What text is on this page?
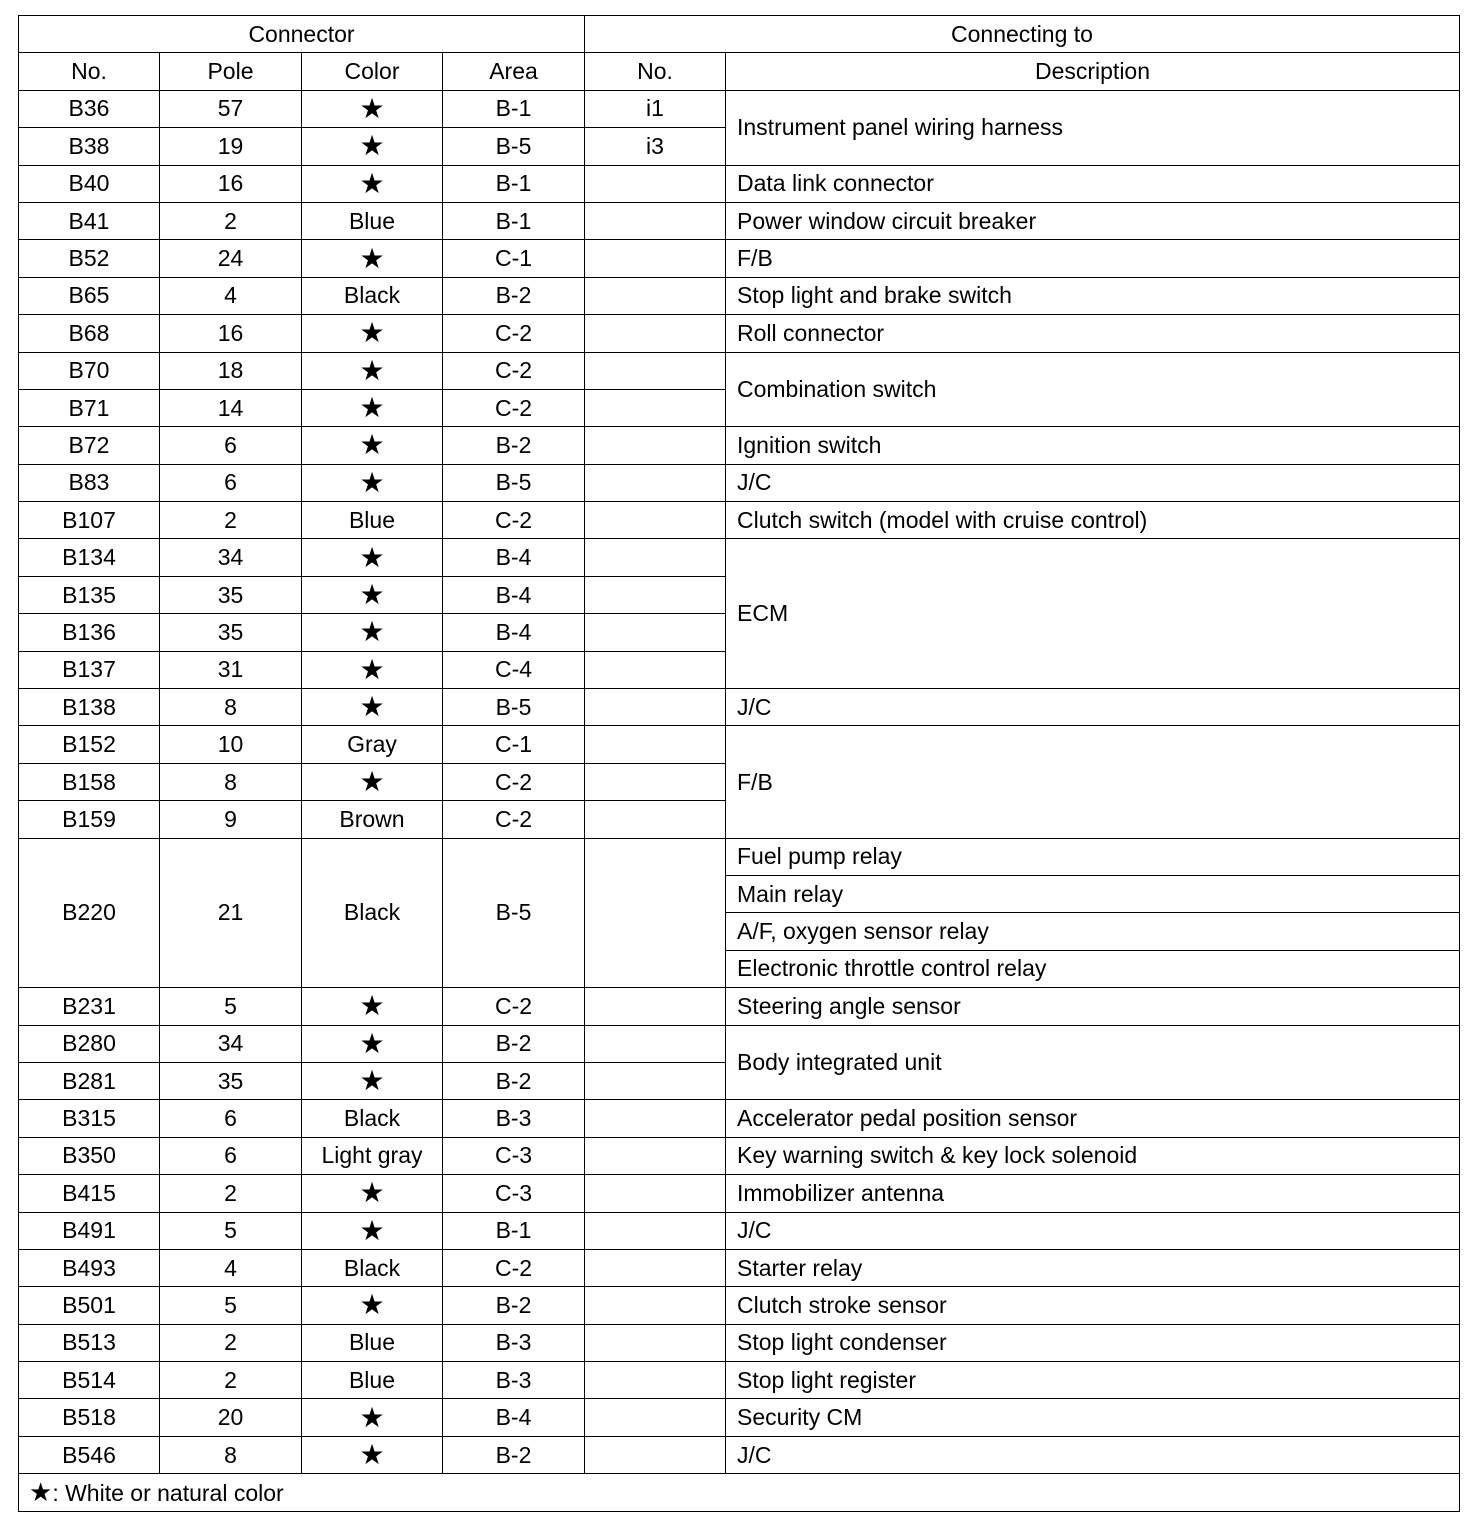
Connector				Connecting to	
No.	Pole	Color	Area	No.	Description
B36	57	★	B-1	i1	Instrument panel wiring harness
B38	19	★	B-5	i3	
B40	16	★	B-1		Data link connector
B41	2	Blue	B-1		Power window circuit breaker
B52	24	★	C-1		F/B
B65	4	Black	B-2		Stop light and brake switch
B68	16	★	C-2		Roll connector
B70	18	★	C-2		Combination switch
B71	14	★	C-2		
B72	6	★	B-2		Ignition switch
B83	6	★	B-5		J/C
B107	2	Blue	C-2		Clutch switch (model with cruise control)
B134	34	★	B-4		ECM
B135	35	★	B-4		
B136	35	★	B-4		
B137	31	★	C-4		
B138	8	★	B-5		J/C
B152	10	Gray	C-1		F/B
B158	8	★	C-2		
B159	9	Brown	C-2		
B220	21	Black	B-5		Fuel pump relay
					Main relay
					A/F, oxygen sensor relay
					Electronic throttle control relay
B231	5	★	C-2		Steering angle sensor
B280	34	★	B-2		Body integrated unit
B281	35	★	B-2		
B315	6	Black	B-3		Accelerator pedal position sensor
B350	6	Light gray	C-3		Key warning switch & key lock solenoid
B415	2	★	C-3		Immobilizer antenna
B491	5	★	B-1		J/C
B493	4	Black	C-2		Starter relay
B501	5	★	B-2		Clutch stroke sensor
B513	2	Blue	B-3		Stop light condenser
B514	2	Blue	B-3		Stop light register
B518	20	★	B-4		Security CM
B546	8	★	B-2		J/C
★: White or natural color					
